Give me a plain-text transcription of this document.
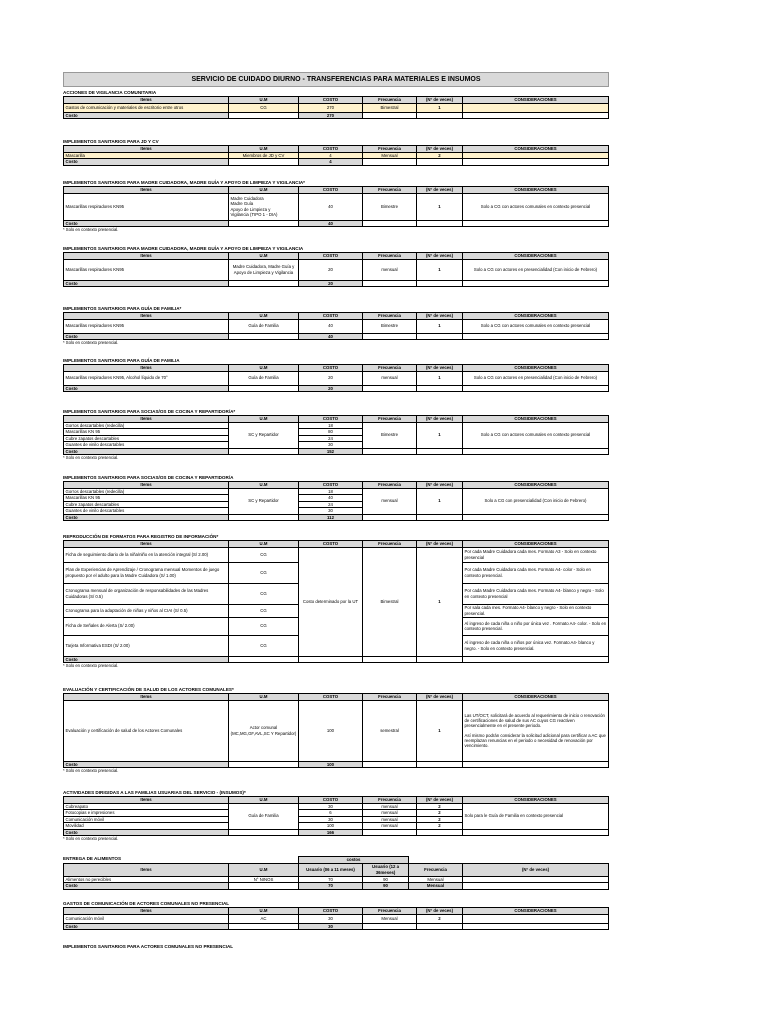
SERVICIO DE CUIDADO DIURNO - TRANSFERENCIAS PARA MATERIALES E INSUMOS
ACCIONES DE VIGILANCIA COMUNITARIA
Items	U.M	COSTO	Frecuencia	(N° de veces)	CONSIDERACIONES
Gastos de comunicación y materiales de escritorio entre otros	CG	270	Bimestral	1	
Costo		270			
IMPLEMENTOS SANITARIOS PARA JD Y CV
Items	U.M	COSTO	Frecuencia	(N° de veces)	CONSIDERACIONES
Mascarilla	Miembros de JD y CV	4	Mensual	2	
Costo		4			
IMPLEMENTOS SANITARIOS PARA MADRE CUIDADORA, MADRE GUÍA Y APOYO DE LIMPIEZA Y VIGILANCIA*
Items	U.M	COSTO	Frecuencia	(N° de veces)	CONSIDERACIONES
Mascarillas respiradores KN95	Madre Cuidadora
Madre Guía
Apoyo de Limpieza y
Vigilancia (TIPO 1 - DIA)	40	Bimestre	1	Solo a CG con actores comunales en contexto presencial
Costo		40			
* Solo en contexto presencial.
IMPLEMENTOS SANITARIOS PARA MADRE CUIDADORA, MADRE GUÍA Y APOYO DE LIMPIEZA Y VIGILANCIA
Items	U.M	COSTO	Frecuencia	(N° de veces)	CONSIDERACIONES
Mascarillas respiradores KN95	Madre Cuidadora, Madre Guía y Apoyo de Limpieza y Vigilancia	20	mensual	1	Solo a CG con actores en presencialidad (Con inicio de Febrero)
Costo		20			
IMPLEMENTOS SANITARIOS PARA GUÍA DE FAMILIA*
Items	U.M	COSTO	Frecuencia	(N° de veces)	CONSIDERACIONES
Mascarillas respiradores KN95	Guía de Familia	40	Bimestre	1	Solo a CG con actores comunales en contexto presencial
Costo		40			
* Solo en contexto presencial.
IMPLEMENTOS SANITARIOS PARA GUÍA DE FAMILIA
Items	U.M	COSTO	Frecuencia	(N° de veces)	CONSIDERACIONES
Mascarillas respiradores KN95, Alcohol líquido de 70°	Guía de Familia	20	mensual	1	Solo a CG con actores en presencialidad (Con inicio de Febrero)
Costo		20			
IMPLEMENTOS SANITARIOS PARA SOCIAS/OS DE COCINA Y REPARTIDOR/A*
Items	U.M	COSTO	Frecuencia	(N° de veces)	CONSIDERACIONES
Gorros descartables (redecilla)	SC y Repartidor	18	Bimestre	1	Solo a CG con actores comunales en contexto presencial
Mascarillas KN 95		80			
Cubre zapatos descartables		24			
Guantes de vinilo descartables		30			
Costo		152			
* Solo en contexto presencial.
IMPLEMENTOS SANITARIOS PARA SOCIAS/OS DE COCINA Y REPARTIDOR/A
Items	U.M	COSTO	Frecuencia	(N° de veces)	CONSIDERACIONES
Gorros descartables (redecilla)	SC y Repartidor	18	mensual	1	Solo a CG con presencialidad (Con inicio de Febrero)
Mascarillas KN 95		40			
Cubre zapatos descartables		24			
Guantes de vinilo descartables		30			
Costo		112			
REPRODUCCIÓN DE FORMATOS PARA REGISTRO DE INFORMACIÓN*
Items	U.M	COSTO	Frecuencia	(N° de veces)	CONSIDERACIONES
Ficha de seguimiento diario de la niña/niño en la atención integral (S/ 2.00)	CG	Costo determinado por la UT	Bimestral	1	Por cada Madre Cuidadora cada mes. Formato A3 - Solo en contexto presencial
Plan de Experiencias de Aprendizaje / Cronograma mensual Momentos de juego propuesto por el adulto para la Madre Cuidadora (S/ 1.00)	CG				Por cada Madre Cuidadora cada mes. Formato A4- color - Solo en contexto presencial.
Cronograma mensual de organización de responsabilidades de las Madres Cuidadoras (S/ 0.5)	CG				Por cada Madre Cuidadora cada mes. Formato A4- blanco y negro - Solo en contexto presencial
Cronograma para la adaptación de niñas y niños al CIAI (S/ 0.5)	CG				Por sala cada mes. Formato A4- blanco y negro - Solo en contexto presencial.
Ficha de Señales de Alerta (S/ 2.00)	CG				Al ingreso de cada niña o niño por única vez . Formato A4- color. - Solo en contexto presencial.
Tarjeta Informativa ESDI (S/ 2.00)	CG				Al ingreso de cada niña o niños por única vez. Formato A4- blanco y negro. - Solo en contexto presencial.
Costo					
* Solo en contexto presencial.
EVALUACIÓN Y CERTIFICACIÓN DE SALUD DE LOS ACTORES COMUNALES*
Items	U.M	COSTO	Frecuencia	(N° de veces)	CONSIDERACIONES
Evaluación y certificación de salud de los Actores Comunales	Actor comunal (MC,MG,GF,AVL,SC Y Repartidor)	100	semestral	1	Las UT/OCT, solicitará de acuerdo al requerimiento de inicio o renovación de certificaciones de salud de sus AC cuyos CG reactiven presencialmente en el presente periodo.
Así mismo podrán considerar la solicitud adicional para certificar a AC que reemplazan renuncias en el periodo o necesidad de renovación por vencimiento.

Costo		100			
* Solo en contexto presencial.
ACTIVIDADES DIRIGIDAS A LAS FAMILIAS USUARIAS DEL SERVICIO - (INSUMOS)*
Items	U.M	COSTO	Frecuencia	(N° de veces)	CONSIDERACIONES
Cubreapato	Guía de Familia	30	mensual	2	Solo para le Guía de Familia en contexto presencial
Fotocopias e impresiones		6	mensual	2	
Comunicación móvil		30	mensual	2	
Movilidad		100	mensual	2	
Costo		166			
* Solo en contexto presencial.
ENTREGA DE ALIMENTOS
			costos			
Items	U.M	Usuario (06 a 11 meses)	Usuario (12 a 36meses)	Frecuencia	(N° de veces)
Alimentos no perecibles	N° NINOS	70	90	Mensual	
Costo		70	90	Mensual	
GASTOS DE COMUNICACIÓN DE ACTORES COMUNALES NO PRESENCIAL
Items	U.M	COSTO	Frecuencia	(N° de veces)	CONSIDERACIONES
Comunicación móvil	AC	30	Mensual	2	
Costo		30			
IMPLEMENTOS SANITARIOS PARA ACTORES COMUNALES NO PRESENCIAL
